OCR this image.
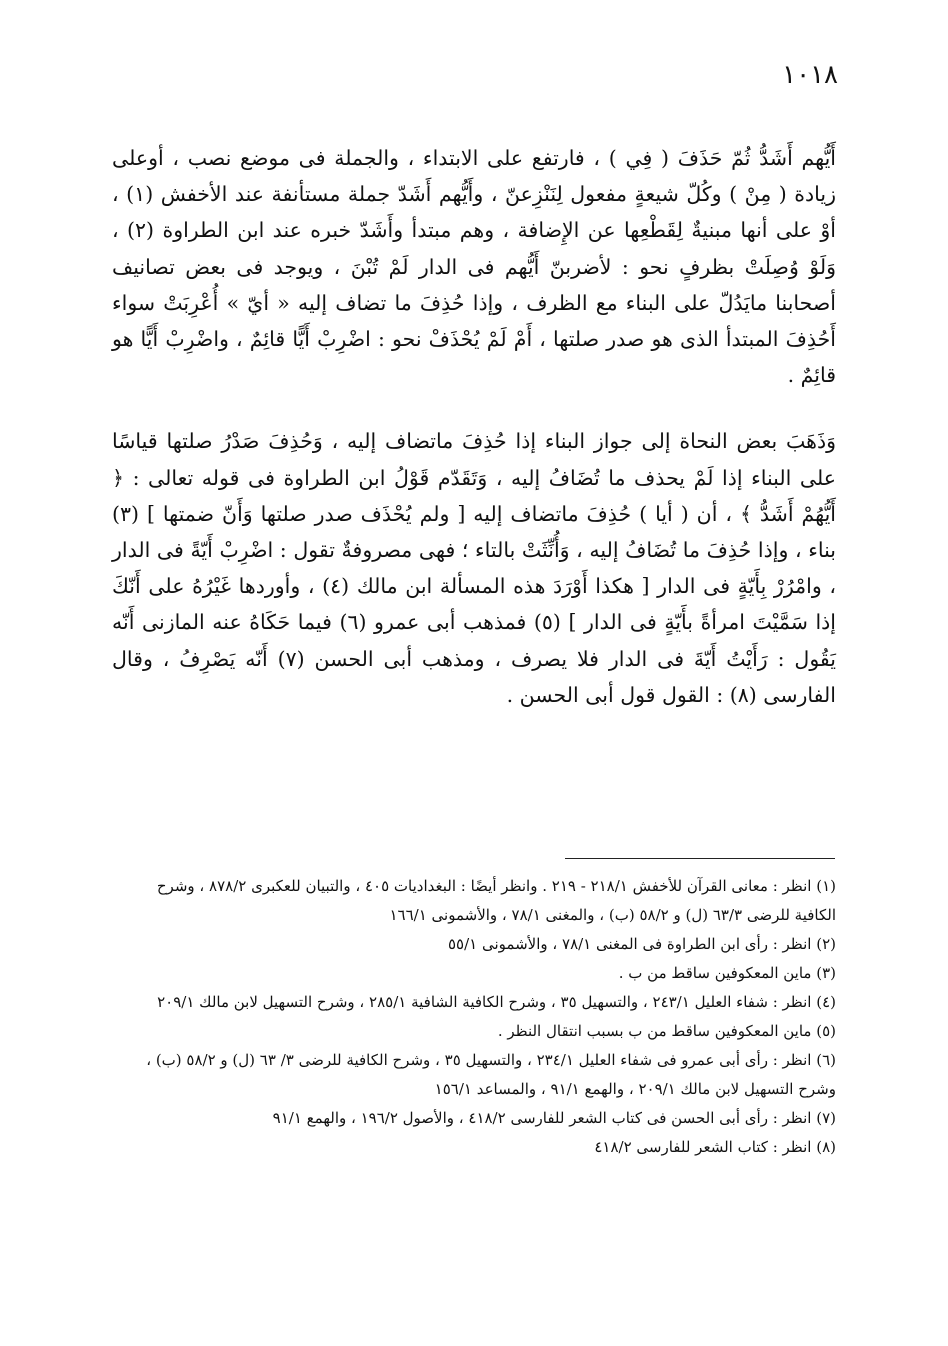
١٠١٨

أَيُّهم أَشَدُّ ثُمّ حَذَفَ ( فِي ) ، فارتفع على الابتداء ، والجملة فى موضع نصب ، أوعلى زيادة ( مِنْ ) وكُلّ شيعةٍ مفعول لِنَنْزِعنّ ، وأَيُّهم أَشَدّ جملة مستأنفة عند الأخفش (١) ، أوْ على أنها مبنيةٌ لِقَطْعِها عن الإِضافة ، وهم مبتدأ وأَشَدّ خبره عند ابن الطراوة (٢) ، وَلَوْ وُصِلَتْ بظرفٍ نحو : لأضربنّ أَيُّهم فى الدار لَمْ تُبْنَ ، ويوجد فى بعض تصانيف أصحابنا مايَدُلّ على البناء مع الظرف ، وإذا حُذِفَ ما تضاف إليه « أيّ » أُعْرِبَتْ سواء أَحُذِفَ المبتدأ الذى هو صدر صلتها ، أَمْ لَمْ يُحْذَفْ نحو : اضْرِبْ أَيًّا قائِمٌ ، واضْرِبْ أَيًّا هو قائِمٌ .

وَذَهَبَ بعض النحاة إلى جواز البناء إذا حُذِفَ ماتضاف إليه ، وَحُذِفَ صَدْرُ صلتها قياسًا على البناء إذا لَمْ يحذف ما تُضَافُ إليه ، وَتَقَدّم قَوْلُ ابن الطراوة فى قوله تعالى : ﴿ أَيُّهُمْ أَشَدُّ ﴾ ، أن ( أيا ) حُذِفَ ماتضاف إليه [ ولم يُحْذَف صدر صلتها وَأَنّ ضمتها ] (٣) بناء ، وإذا حُذِفَ ما تُضَافُ إليه ، وَأُنِّثَتْ بالتاء ؛ فهى مصروفةٌ تقول : اضْرِبْ أَيّةً فى الدار ، وامْرُرْ بِأَيّةٍ فى الدار [ هكذا أَوْرَدَ هذه المسألة ابن مالك (٤) ، وأوردها غَيْرُهُ على أَنّكَ إذا سَمَّيْتَ امرأةً بأَيّةٍ فى الدار ] (٥) فمذهب أبى عمرو (٦) فيما حَكَاهُ عنه المازنى أَنّه يَقُول : رَأَيْتُ أَيّةَ فى الدار فلا يصرف ، ومذهب أبى الحسن (٧) أَنّه يَصْرِفُ ، وقال الفارسى (٨) : القول قول أبى الحسن .

(١) انظر : معانى القرآن للأخفش ٢١٨/١ - ٢١٩ . وانظر أيضًا : البغداديات ٤٠٥ ، والتبيان للعكبرى ٨٧٨/٢ ، وشرح الكافية للرضى ٦٣/٣ (ل) و ٥٨/٢ (ب) ، والمغنى ٧٨/١ ، والأشمونى ١٦٦/١

(٢) انظر : رأى ابن الطراوة فى المغنى ٧٨/١ ، والأشمونى ٥٥/١

(٣) ماين المعكوفين ساقط من ب .

(٤) انظر : شفاء العليل ٢٤٣/١ ، والتسهيل ٣٥ ، وشرح الكافية الشافية ٢٨٥/١ ، وشرح التسهيل لابن مالك ٢٠٩/١

(٥) ماين المعكوفين ساقط من ب بسبب انتقال النظر .

(٦) انظر : رأى أبى عمرو فى شفاء العليل ٢٣٤/١ ، والتسهيل ٣٥ ، وشرح الكافية للرضى ٣/ ٦٣ (ل) و ٥٨/٢ (ب) ، وشرح التسهيل لابن مالك ٢٠٩/١ ، والهمع ٩١/١ ، والمساعد ١٥٦/١

(٧) انظر : رأى أبى الحسن فى كتاب الشعر للفارسى ٤١٨/٢ ، والأصول ١٩٦/٢ ، والهمع ٩١/١

(٨) انظر : كتاب الشعر للفارسى ٤١٨/٢
